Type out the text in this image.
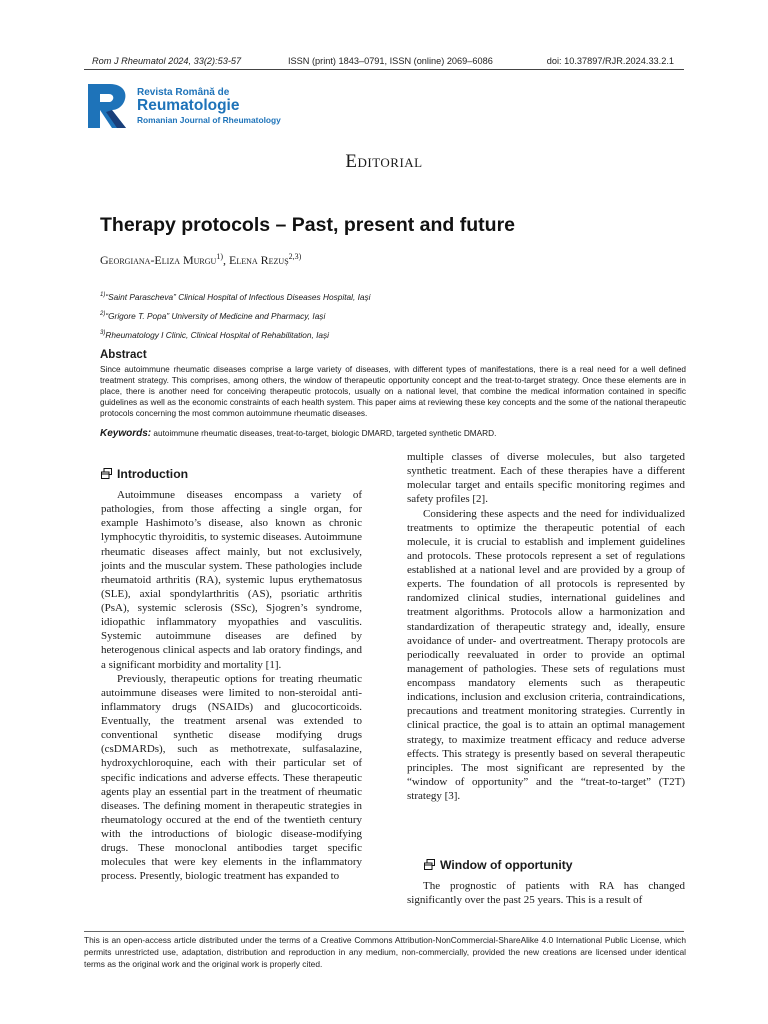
Rom J Rheumatol 2024, 33(2):53-57	ISSN (print) 1843–0791, ISSN (online) 2069–6086	doi: 10.37897/RJR.2024.33.2.1
Revista Română de
Reumatologie
Romanian Journal of Rheumatology
Editorial
Therapy protocols – Past, present and future
Georgiana-Eliza Murgu$^{1)}$, Elena Rezuș$^{2,3)}$
$^{1)}$“Saint Parascheva” Clinical Hospital of Infectious Diseases Hospital, Iași
$^{2)}$“Grigore T. Popa” University of Medicine and Pharmacy, Iași
$^{3)}$Rheumatology I Clinic, Clinical Hospital of Rehabilitation, Iași
Abstract
Since autoimmune rheumatic diseases comprise a large variety of diseases, with different types of manifestations, there is a real need for a well defined treatment strategy. This comprises, among others, the window of therapeutic opportunity concept and the treat-to-target strategy. Once these elements are in place, there is another need for conceiving therapeutic protocols, usually on a national level, that combine the medical information contained in specific guidelines as well as the economic constraints of each health system. This paper aims at reviewing these key concepts and the some of the national therapeutic protocols concerning the most common autoimmune rheumatic diseases.
Keywords: autoimmune rheumatic diseases, treat-to-target, biologic DMARD, targeted synthetic DMARD.
Introduction

Autoimmune diseases encompass a variety of pathologies, from those affecting a single organ, for example Hashimoto’s disease, also known as chronic lymphocytic thyroiditis, to systemic diseases. Autoimmune rheumatic diseases affect mainly, but not exclusively, joints and the muscular system. These pathologies include rheumatoid arthritis (RA), systemic lupus erythematosus (SLE), axial spondylarthritis (AS), psoriatic arthritis (PsA), systemic sclerosis (SSc), Sjogren’s syndrome, idiopathic inflammatory myopathies and vasculitis. Systemic autoimmune diseases are defined by heterogenous clinical aspects and lab oratory findings, and a significant morbidity and mortality [1].

Previously, therapeutic options for treating rheumatic autoimmune diseases were limited to non-steroidal anti-inflammatory drugs (NSAIDs) and glucocorticoids. Eventually, the treatment arsenal was extended to conventional synthetic disease modifying drugs (csDMARDs), such as methotrexate, sulfasalazine, hydroxychloroquine, each with their particular set of specific indications and adverse effects. These therapeutic agents play an essential part in the treatment of rheumatic diseases. The defining moment in therapeutic strategies in rheumatology occured at the end of the twentieth century with the introductions of biologic disease-modifying drugs. These monoclonal antibodies target specific molecules that were key elements in the inflammatory process. Presently, biologic treatment has expanded to

multiple classes of diverse molecules, but also targeted synthetic treatment. Each of these therapies have a different molecular target and entails specific monitoring regimes and safety profiles [2].

Considering these aspects and the need for individualized treatments to optimize the therapeutic potential of each molecule, it is crucial to establish and implement guidelines and protocols. These protocols represent a set of regulations established at a national level and are provided by a group of experts. The foundation of all protocols is represented by randomized clinical studies, international guidelines and treatment algorithms. Protocols allow a harmonization and standardization of therapeutic strategy and, ideally, ensure avoidance of under- and overtreatment. Therapy protocols are periodically reevaluated in order to provide an optimal management of pathologies. These sets of regulations must encompass mandatory elements such as therapeutic indications, inclusion and exclusion criteria, contraindications, precautions and treatment monitoring strategies. Currently in clinical practice, the goal is to attain an optimal management strategy, to maximize treatment efficacy and reduce adverse effects. This strategy is presently based on several therapeutic principles. The most significant are represented by the “window of opportunity” and the “treat-to-target” (T2T) strategy [3].

Window of opportunity

The prognostic of patients with RA has changed significantly over the past 25 years. This is a result of

This is an open-access article distributed under the terms of a Creative Commons Attribution-NonCommercial-ShareAlike 4.0 International Public License, which permits unrestricted use, adaptation, distribution and reproduction in any medium, non-commercially, provided the new creations are licensed under identical terms as the original work and the original work is properly cited.
